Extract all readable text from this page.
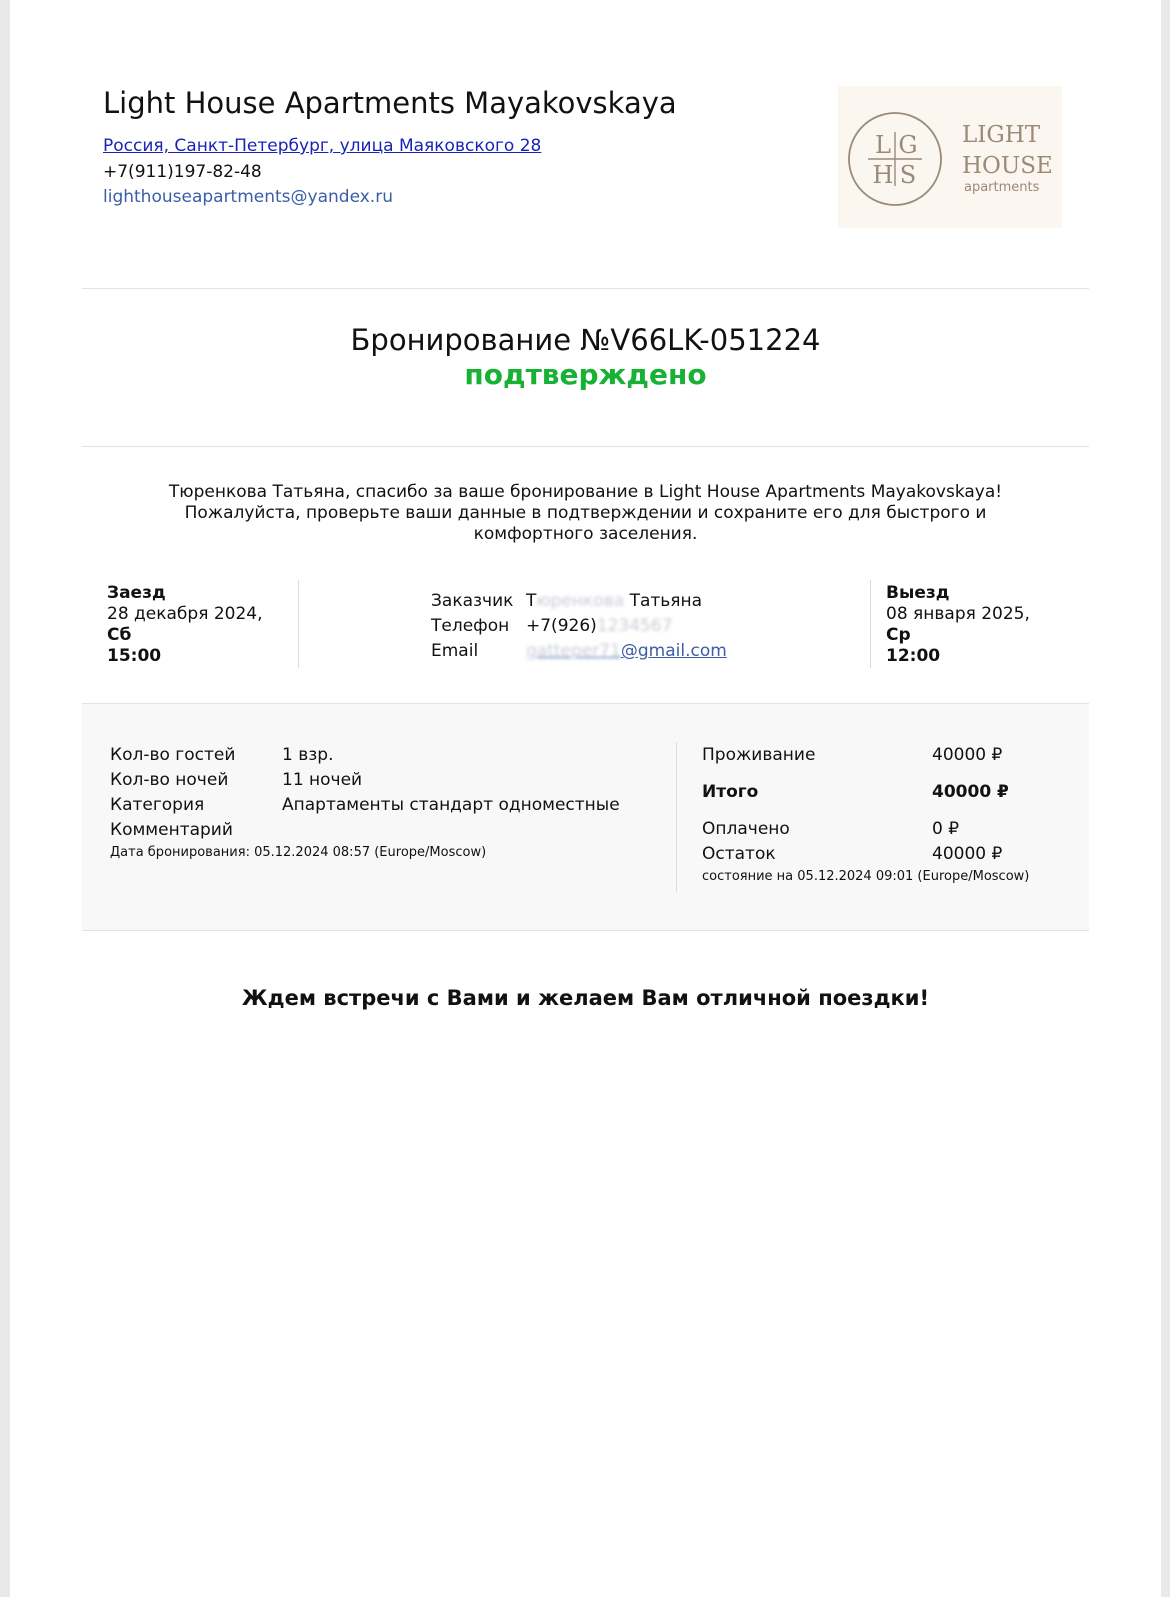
Light House Apartments Mayakovskaya
Россия, Санкт-Петербург, улица Маяковского 28
+7(911)197-82-48
lighthouseapartments@yandex.ru
L G
H S
LIGHT
HOUSE
apartments
Бронирование №V66LK-051224
подтверждено
Тюренкова Татьяна, спасибо за ваше бронирование в Light House Apartments Mayakovskaya!
Пожалуйста, проверьте ваши данные в подтверждении и сохраните его для быстрого и
комфортного заселения.
Заезд
28 декабря 2024,
Сб
15:00
Заказчик Тюренкова Татьяна
Телефон +7(926)1234567
Email	gatteper71@gmail.com
Выезд
08 января 2025,
Ср
12:00
Кол-во гостей	1 взр.
Кол-во ночей	11 ночей
Категория	Апартаменты стандарт одноместные
Комментарий
Дата бронирования: 05.12.2024 08:57 (Europe/Moscow)
Проживание	40000 ₽
Итого	40000 ₽
Оплачено	0 ₽
Остаток	40000 ₽
состояние на 05.12.2024 09:01 (Europe/Moscow)
Ждем встречи с Вами и желаем Вам отличной поездки!
